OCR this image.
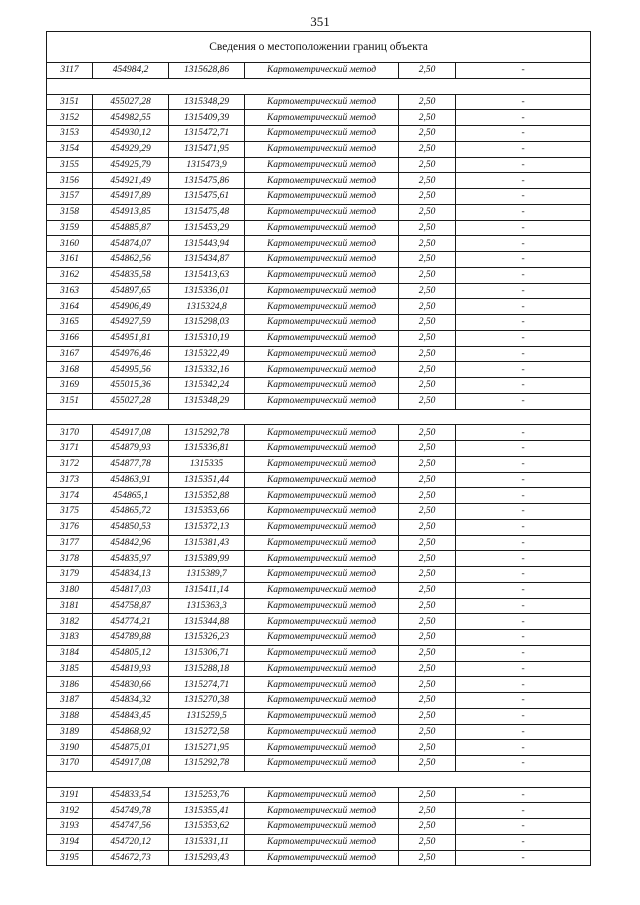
351
Сведения о местоположении границ объекта					
3117	454984,2	1315628,86	Картометрический метод	2,50	-

3151	455027,28	1315348,29	Картометрический метод	2,50	-
3152	454982,55	1315409,39	Картометрический метод	2,50	-
3153	454930,12	1315472,71	Картометрический метод	2,50	-
3154	454929,29	1315471,95	Картометрический метод	2,50	-
3155	454925,79	1315473,9	Картометрический метод	2,50	-
3156	454921,49	1315475,86	Картометрический метод	2,50	-
3157	454917,89	1315475,61	Картометрический метод	2,50	-
3158	454913,85	1315475,48	Картометрический метод	2,50	-
3159	454885,87	1315453,29	Картометрический метод	2,50	-
3160	454874,07	1315443,94	Картометрический метод	2,50	-
3161	454862,56	1315434,87	Картометрический метод	2,50	-
3162	454835,58	1315413,63	Картометрический метод	2,50	-
3163	454897,65	1315336,01	Картометрический метод	2,50	-
3164	454906,49	1315324,8	Картометрический метод	2,50	-
3165	454927,59	1315298,03	Картометрический метод	2,50	-
3166	454951,81	1315310,19	Картометрический метод	2,50	-
3167	454976,46	1315322,49	Картометрический метод	2,50	-
3168	454995,56	1315332,16	Картометрический метод	2,50	-
3169	455015,36	1315342,24	Картометрический метод	2,50	-
3151	455027,28	1315348,29	Картометрический метод	2,50	-

3170	454917,08	1315292,78	Картометрический метод	2,50	-
3171	454879,93	1315336,81	Картометрический метод	2,50	-
3172	454877,78	1315335	Картометрический метод	2,50	-
3173	454863,91	1315351,44	Картометрический метод	2,50	-
3174	454865,1	1315352,88	Картометрический метод	2,50	-
3175	454865,72	1315353,66	Картометрический метод	2,50	-
3176	454850,53	1315372,13	Картометрический метод	2,50	-
3177	454842,96	1315381,43	Картометрический метод	2,50	-
3178	454835,97	1315389,99	Картометрический метод	2,50	-
3179	454834,13	1315389,7	Картометрический метод	2,50	-
3180	454817,03	1315411,14	Картометрический метод	2,50	-
3181	454758,87	1315363,3	Картометрический метод	2,50	-
3182	454774,21	1315344,88	Картометрический метод	2,50	-
3183	454789,88	1315326,23	Картометрический метод	2,50	-
3184	454805,12	1315306,71	Картометрический метод	2,50	-
3185	454819,93	1315288,18	Картометрический метод	2,50	-
3186	454830,66	1315274,71	Картометрический метод	2,50	-
3187	454834,32	1315270,38	Картометрический метод	2,50	-
3188	454843,45	1315259,5	Картометрический метод	2,50	-
3189	454868,92	1315272,58	Картометрический метод	2,50	-
3190	454875,01	1315271,95	Картометрический метод	2,50	-
3170	454917,08	1315292,78	Картометрический метод	2,50	-

3191	454833,54	1315253,76	Картометрический метод	2,50	-
3192	454749,78	1315355,41	Картометрический метод	2,50	-
3193	454747,56	1315353,62	Картометрический метод	2,50	-
3194	454720,12	1315331,11	Картометрический метод	2,50	-
3195	454672,73	1315293,43	Картометрический метод	2,50	-
